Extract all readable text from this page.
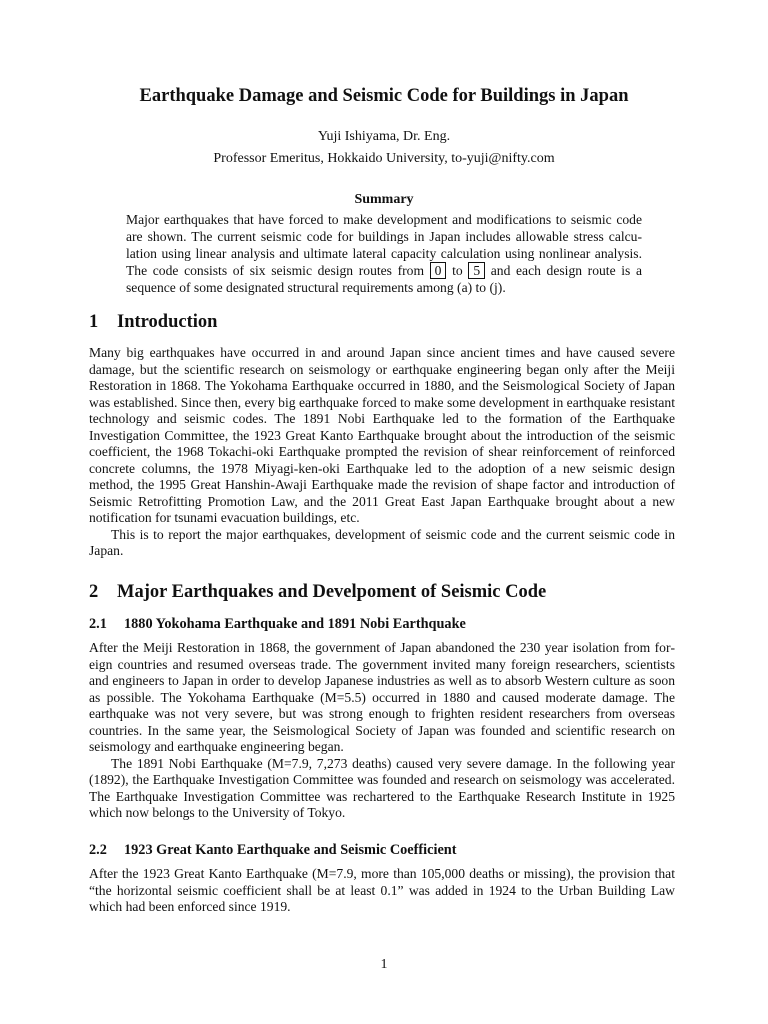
Earthquake Damage and Seismic Code for Buildings in Japan
Yuji Ishiyama, Dr. Eng.
Professor Emeritus, Hokkaido University, to-yuji@nifty.com
Summary
Major earthquakes that have forced to make development and modifications to seismic code are shown. The current seismic code for buildings in Japan includes allowable stress calculation using linear analysis and ultimate lateral capacity calculation using nonlinear analysis. The code consists of six seismic design routes from 0 to 5 and each design route is a sequence of some designated structural requirements among (a) to (j).
1 Introduction

Many big earthquakes have occurred in and around Japan since ancient times and have caused severe damage, but the scientific research on seismology or earthquake engineering began only after the Meiji Restoration in 1868. The Yokohama Earthquake occurred in 1880, and the Seismological Society of Japan was established. Since then, every big earthquake forced to make some development in earthquake resistant technology and seismic codes. The 1891 Nobi Earthquake led to the formation of the Earthquake Investigation Committee, the 1923 Great Kanto Earthquake brought about the introduction of the seismic coefficient, the 1968 Tokachi-oki Earthquake prompted the revision of shear reinforcement of reinforced concrete columns, the 1978 Miyagi-ken-oki Earthquake led to the adoption of a new seismic design method, the 1995 Great Hanshin-Awaji Earthquake made the revision of shape factor and introduction of Seismic Retrofitting Promotion Law, and the 2011 Great East Japan Earthquake brought about a new notification for tsunami evacuation buildings, etc.

This is to report the major earthquakes, development of seismic code and the current seismic code in Japan.

2 Major Earthquakes and Develpoment of Seismic Code
2.1 1880 Yokohama Earthquake and 1891 Nobi Earthquake

After the Meiji Restoration in 1868, the government of Japan abandoned the 230 year isolation from foreign countries and resumed overseas trade. The government invited many foreign researchers, scientists and engineers to Japan in order to develop Japanese industries as well as to absorb Western culture as soon as possible. The Yokohama Earthquake (M=5.5) occurred in 1880 and caused moderate damage. The earthquake was not very severe, but was strong enough to frighten resident researchers from overseas countries. In the same year, the Seismological Society of Japan was founded and scientific research on seismology and earthquake engineering began.

The 1891 Nobi Earthquake (M=7.9, 7,273 deaths) caused very severe damage. In the following year (1892), the Earthquake Investigation Committee was founded and research on seismology was accelerated. The Earthquake Investigation Committee was rechartered to the Earthquake Research Institute in 1925 which now belongs to the University of Tokyo.

2.2 1923 Great Kanto Earthquake and Seismic Coefficient

After the 1923 Great Kanto Earthquake (M=7.9, more than 105,000 deaths or missing), the provision that “the horizontal seismic coefficient shall be at least 0.1” was added in 1924 to the Urban Building Law which had been enforced since 1919.

1
